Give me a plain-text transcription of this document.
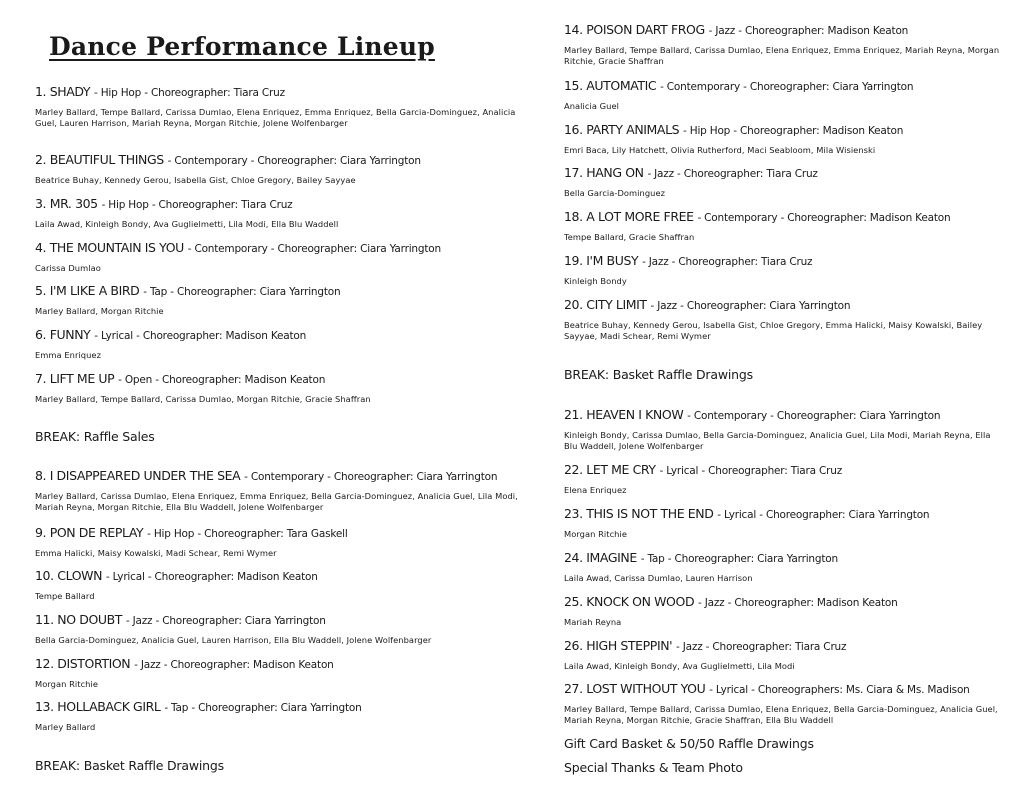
Dance Performance Lineup
1. SHADY - Hip Hop - Choreographer: Tiara Cruz
Marley Ballard, Tempe Ballard, Carissa Dumlao, Elena Enriquez, Emma Enriquez, Bella Garcia-Dominguez, Analicia Guel, Lauren Harrison, Mariah Reyna, Morgan Ritchie, Jolene Wolfenbarger
2. BEAUTIFUL THINGS - Contemporary - Choreographer: Ciara Yarrington
Beatrice Buhay, Kennedy Gerou, Isabella Gist, Chloe Gregory, Bailey Sayyae
3. MR. 305 - Hip Hop - Choreographer: Tiara Cruz
Laila Awad, Kinleigh Bondy, Ava Guglielmetti, Lila Modi, Ella Blu Waddell
4. THE MOUNTAIN IS YOU - Contemporary - Choreographer: Ciara Yarrington
Carissa Dumlao
5. I'M LIKE A BIRD - Tap - Choreographer: Ciara Yarrington
Marley Ballard, Morgan Ritchie
6. FUNNY - Lyrical - Choreographer: Madison Keaton
Emma Enriquez
7. LIFT ME UP - Open - Choreographer: Madison Keaton
Marley Ballard, Tempe Ballard, Carissa Dumlao, Morgan Ritchie, Gracie Shaffran
BREAK: Raffle Sales
8. I DISAPPEARED UNDER THE SEA - Contemporary - Choreographer: Ciara Yarrington
Marley Ballard, Carissa Dumlao, Elena Enriquez, Emma Enriquez, Bella Garcia-Dominguez, Analicia Guel, Lila Modi, Mariah Reyna, Morgan Ritchie, Ella Blu Waddell, Jolene Wolfenbarger
9. PON DE REPLAY - Hip Hop - Choreographer: Tara Gaskell
Emma Halicki, Maisy Kowalski, Madi Schear, Remi Wymer
10. CLOWN - Lyrical - Choreographer: Madison Keaton
Tempe Ballard
11. NO DOUBT - Jazz - Choreographer: Ciara Yarrington
Bella Garcia-Dominguez, Analicia Guel, Lauren Harrison, Ella Blu Waddell, Jolene Wolfenbarger
12. DISTORTION - Jazz - Choreographer: Madison Keaton
Morgan Ritchie
13. HOLLABACK GIRL - Tap - Choreographer: Ciara Yarrington
Marley Ballard
BREAK: Basket Raffle Drawings
14. POISON DART FROG - Jazz - Choreographer: Madison Keaton
Marley Ballard, Tempe Ballard, Carissa Dumlao, Elena Enriquez, Emma Enriquez, Mariah Reyna, Morgan Ritchie, Gracie Shaffran
15. AUTOMATIC - Contemporary - Choreographer: Ciara Yarrington
Analicia Guel
16. PARTY ANIMALS - Hip Hop - Choreographer: Madison Keaton
Emri Baca, Lily Hatchett, Olivia Rutherford, Maci Seabloom, Mila Wisienski
17. HANG ON - Jazz - Choreographer: Tiara Cruz
Bella Garcia-Dominguez
18. A LOT MORE FREE - Contemporary - Choreographer: Madison Keaton
Tempe Ballard, Gracie Shaffran
19. I'M BUSY - Jazz - Choreographer: Tiara Cruz
Kinleigh Bondy
20. CITY LIMIT - Jazz - Choreographer: Ciara Yarrington
Beatrice Buhay, Kennedy Gerou, Isabella Gist, Chloe Gregory, Emma Halicki, Maisy Kowalski, Bailey Sayyae, Madi Schear, Remi Wymer
BREAK: Basket Raffle Drawings
21. HEAVEN I KNOW - Contemporary - Choreographer: Ciara Yarrington
Kinleigh Bondy, Carissa Dumlao, Bella Garcia-Dominguez, Analicia Guel, Lila Modi, Mariah Reyna, Ella Blu Waddell, Jolene Wolfenbarger
22. LET ME CRY - Lyrical - Choreographer: Tiara Cruz
Elena Enriquez
23. THIS IS NOT THE END - Lyrical - Choreographer: Ciara Yarrington
Morgan Ritchie
24. IMAGINE - Tap - Choreographer: Ciara Yarrington
Laila Awad, Carissa Dumlao, Lauren Harrison
25. KNOCK ON WOOD - Jazz - Choreographer: Madison Keaton
Mariah Reyna
26. HIGH STEPPIN' - Jazz - Choreographer: Tiara Cruz
Laila Awad, Kinleigh Bondy, Ava Guglielmetti, Lila Modi
27. LOST WITHOUT YOU - Lyrical - Choreographers: Ms. Ciara & Ms. Madison
Marley Ballard, Tempe Ballard, Carissa Dumlao, Elena Enriquez, Bella Garcia-Dominguez, Analicia Guel, Mariah Reyna, Morgan Ritchie, Gracie Shaffran, Ella Blu Waddell
Gift Card Basket & 50/50 Raffle Drawings
Special Thanks & Team Photo
